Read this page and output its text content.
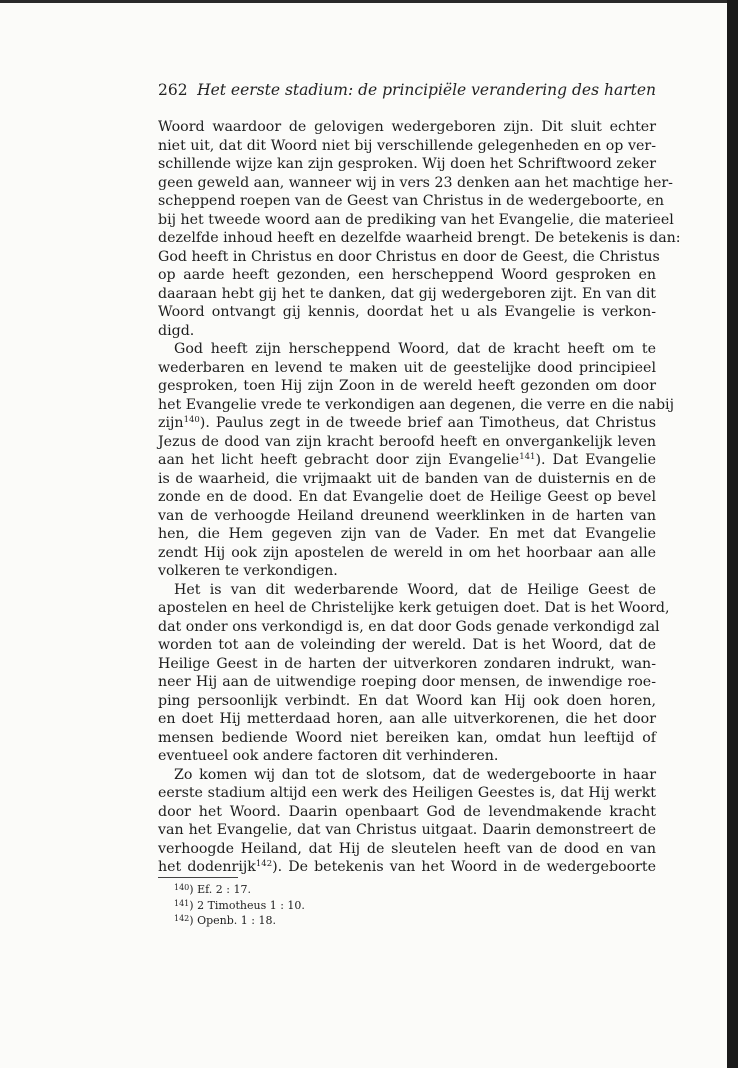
262 Het eerste stadium: de principiële verandering des harten
Woord waardoor de gelovigen wedergeboren zijn. Dit sluit echter
niet uit, dat dit Woord niet bij verschillende gelegenheden en op ver-
schillende wijze kan zijn gesproken. Wij doen het Schriftwoord zeker
geen geweld aan, wanneer wij in vers 23 denken aan het machtige her-
scheppend roepen van de Geest van Christus in de wedergeboorte, en
bij het tweede woord aan de prediking van het Evangelie, die materieel
dezelfde inhoud heeft en dezelfde waarheid brengt. De betekenis is dan:
God heeft in Christus en door Christus en door de Geest, die Christus
op aarde heeft gezonden, een herscheppend Woord gesproken en
daaraan hebt gij het te danken, dat gij wedergeboren zijt. En van dit
Woord ontvangt gij kennis, doordat het u als Evangelie is verkon-
digd.
God heeft zijn herscheppend Woord, dat de kracht heeft om te
wederbaren en levend te maken uit de geestelijke dood principieel
gesproken, toen Hij zijn Zoon in de wereld heeft gezonden om door
het Evangelie vrede te verkondigen aan degenen, die verre en die nabij
zijn$^{140}$). Paulus zegt in de tweede brief aan Timotheus, dat Christus
Jezus de dood van zijn kracht beroofd heeft en onvergankelijk leven
aan het licht heeft gebracht door zijn Evangelie$^{141}$). Dat Evangelie
is de waarheid, die vrijmaakt uit de banden van de duisternis en de
zonde en de dood. En dat Evangelie doet de Heilige Geest op bevel
van de verhoogde Heiland dreunend weerklinken in de harten van
hen, die Hem gegeven zijn van de Vader. En met dat Evangelie
zendt Hij ook zijn apostelen de wereld in om het hoorbaar aan alle
volkeren te verkondigen.
Het is van dit wederbarende Woord, dat de Heilige Geest de
apostelen en heel de Christelijke kerk getuigen doet. Dat is het Woord,
dat onder ons verkondigd is, en dat door Gods genade verkondigd zal
worden tot aan de voleinding der wereld. Dat is het Woord, dat de
Heilige Geest in de harten der uitverkoren zondaren indrukt, wan-
neer Hij aan de uitwendige roeping door mensen, de inwendige roe-
ping persoonlijk verbindt. En dat Woord kan Hij ook doen horen,
en doet Hij metterdaad horen, aan alle uitverkorenen, die het door
mensen bediende Woord niet bereiken kan, omdat hun leeftijd of
eventueel ook andere factoren dit verhinderen.
Zo komen wij dan tot de slotsom, dat de wedergeboorte in haar
eerste stadium altijd een werk des Heiligen Geestes is, dat Hij werkt
door het Woord. Daarin openbaart God de levendmakende kracht
van het Evangelie, dat van Christus uitgaat. Daarin demonstreert de
verhoogde Heiland, dat Hij de sleutelen heeft van de dood en van
het dodenrijk$^{142}$). De betekenis van het Woord in de wedergeboorte
$^{140}$) Ef. 2 : 17.
$^{141}$) 2 Timotheus 1 : 10.
$^{142}$) Openb. 1 : 18.
